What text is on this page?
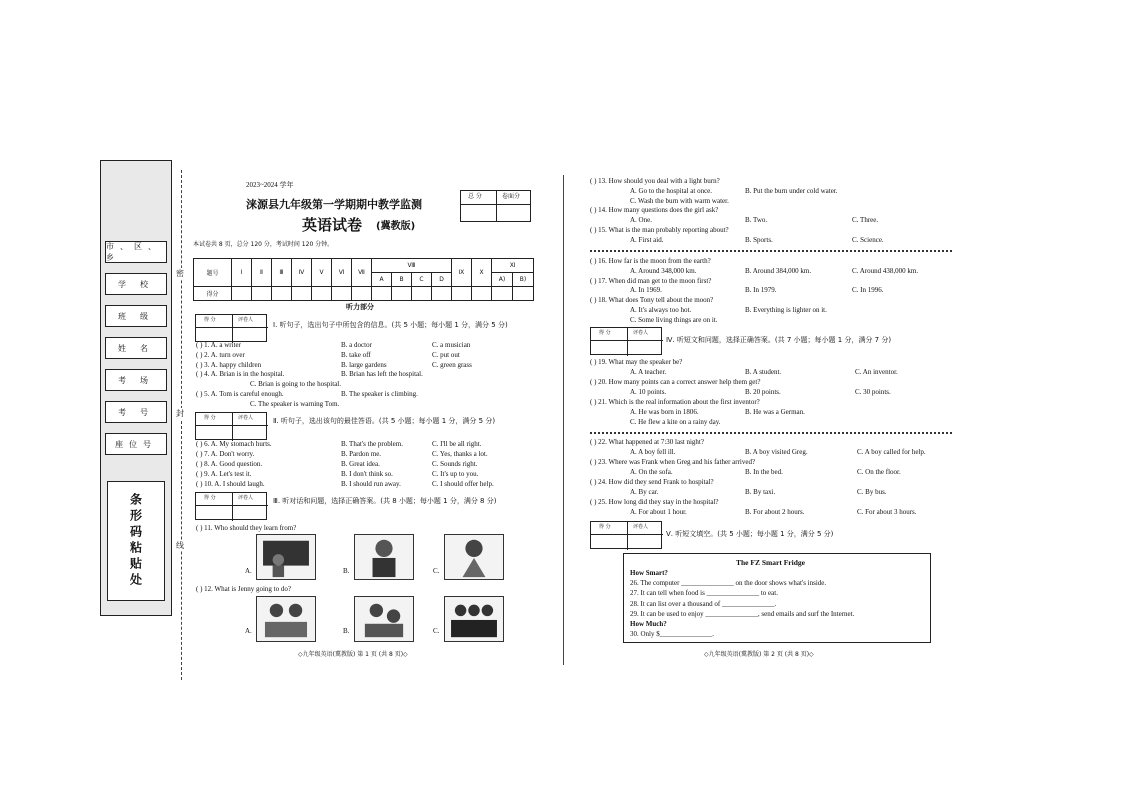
市、区、乡
学 校
班 级
姓 名
考 场
考 号
座位号
条形码粘贴处
密
封
线
2023~2024 学年
涞源县九年级第一学期期中教学监测
英语试卷 (冀教版)
本试卷共 8 页，总分 120 分，考试时间 120 分钟。
总 分	卷面分
题号	Ⅰ	Ⅱ	Ⅲ	Ⅳ	Ⅴ	Ⅵ	Ⅶ	Ⅷ				Ⅸ	Ⅹ	Ⅺ	
								A	B	C	D			A)	B)
得分															
听力部分
得 分	评卷人
Ⅰ. 听句子，选出句子中所包含的信息。(共 5 小题；每小题 1 分，满分 5 分)
( ) 1. A. a writer	B. a doctor	C. a musician
( ) 2. A. turn over	B. take off	C. put out
( ) 3. A. happy children	B. large gardens	C. green grass
( ) 4. A. Brian is in the hospital.	B. Brian has left the hospital.
C. Brian is going to the hospital.
( ) 5. A. Tom is careful enough.	B. The speaker is climbing.
C. The speaker is warning Tom.
得 分	评卷人	Ⅱ. 听句子，选出该句的最佳答语。(共 5 小题；每小题 1 分，满分 5 分)
( ) 6. A. My stomach hurts.	B. That's the problem.	C. I'll be all right.
( ) 7. A. Don't worry.	B. Pardon me.	C. Yes, thanks a lot.
( ) 8. A. Good question.	B. Great idea.	C. Sounds right.
( ) 9. A. Let's test it.	B. I don't think so.	C. It's up to you.
( ) 10. A. I should laugh.	B. I should run away.	C. I should offer help.
得 分	评卷人	Ⅲ. 听对话和问题，选择正确答案。(共 8 小题；每小题 1 分，满分 8 分)
( ) 11. Who should they learn from?
A.	B.	C.
( ) 12. What is Jenny going to do?
A.	B.	C.
◇九年级英语(冀教版) 第 1 页 (共 8 页)◇
( ) 13. How should you deal with a light burn?
A. Go to the hospital at once.	B. Put the burn under cold water.
C. Wash the burn with warm water.
( ) 14. How many questions does the girl ask?
A. One.	B. Two.	C. Three.
( ) 15. What is the man probably reporting about?
A. First aid.	B. Sports.	C. Science.
( ) 16. How far is the moon from the earth?
A. Around 348,000 km.	B. Around 384,000 km.	C. Around 438,000 km.
( ) 17. When did man get to the moon first?
A. In 1969.	B. In 1979.	C. In 1996.
( ) 18. What does Tony tell about the moon?
A. It's always too hot.	B. Everything is lighter on it.
C. Some living things are on it.
得 分	评卷人
Ⅳ. 听短文和问题，选择正确答案。(共 7 小题；每小题 1 分，满分 7 分)
( ) 19. What may the speaker be?
A. A teacher.	B. A student.	C. An inventor.
( ) 20. How many points can a correct answer help them get?
A. 10 points.	B. 20 points.	C. 30 points.
( ) 21. Which is the real information about the first inventor?
A. He was born in 1806.	B. He was a German.
C. He flew a kite on a rainy day.
( ) 22. What happened at 7:30 last night?
A. A boy fell ill.	B. A boy visited Greg.	C. A boy called for help.
( ) 23. Where was Frank when Greg and his father arrived?
A. On the sofa.	B. In the bed.	C. On the floor.
( ) 24. How did they send Frank to hospital?
A. By car.	B. By taxi.	C. By bus.
( ) 25. How long did they stay in the hospital?
A. For about 1 hour.	B. For about 2 hours.	C. For about 3 hours.
得 分	评卷人
Ⅴ. 听短文填空。(共 5 小题；每小题 1 分，满分 5 分)
The FZ Smart Fridge
How Smart?
26. The computer _______________ on the door shows what's inside.
27. It can tell when food is _______________ to eat.
28. It can list over a thousand of _______________.
29. It can be used to enjoy _______________, send emails and surf the Internet.
How Much?
30. Only $_______________.
◇九年级英语(冀教版) 第 2 页 (共 8 页)◇
